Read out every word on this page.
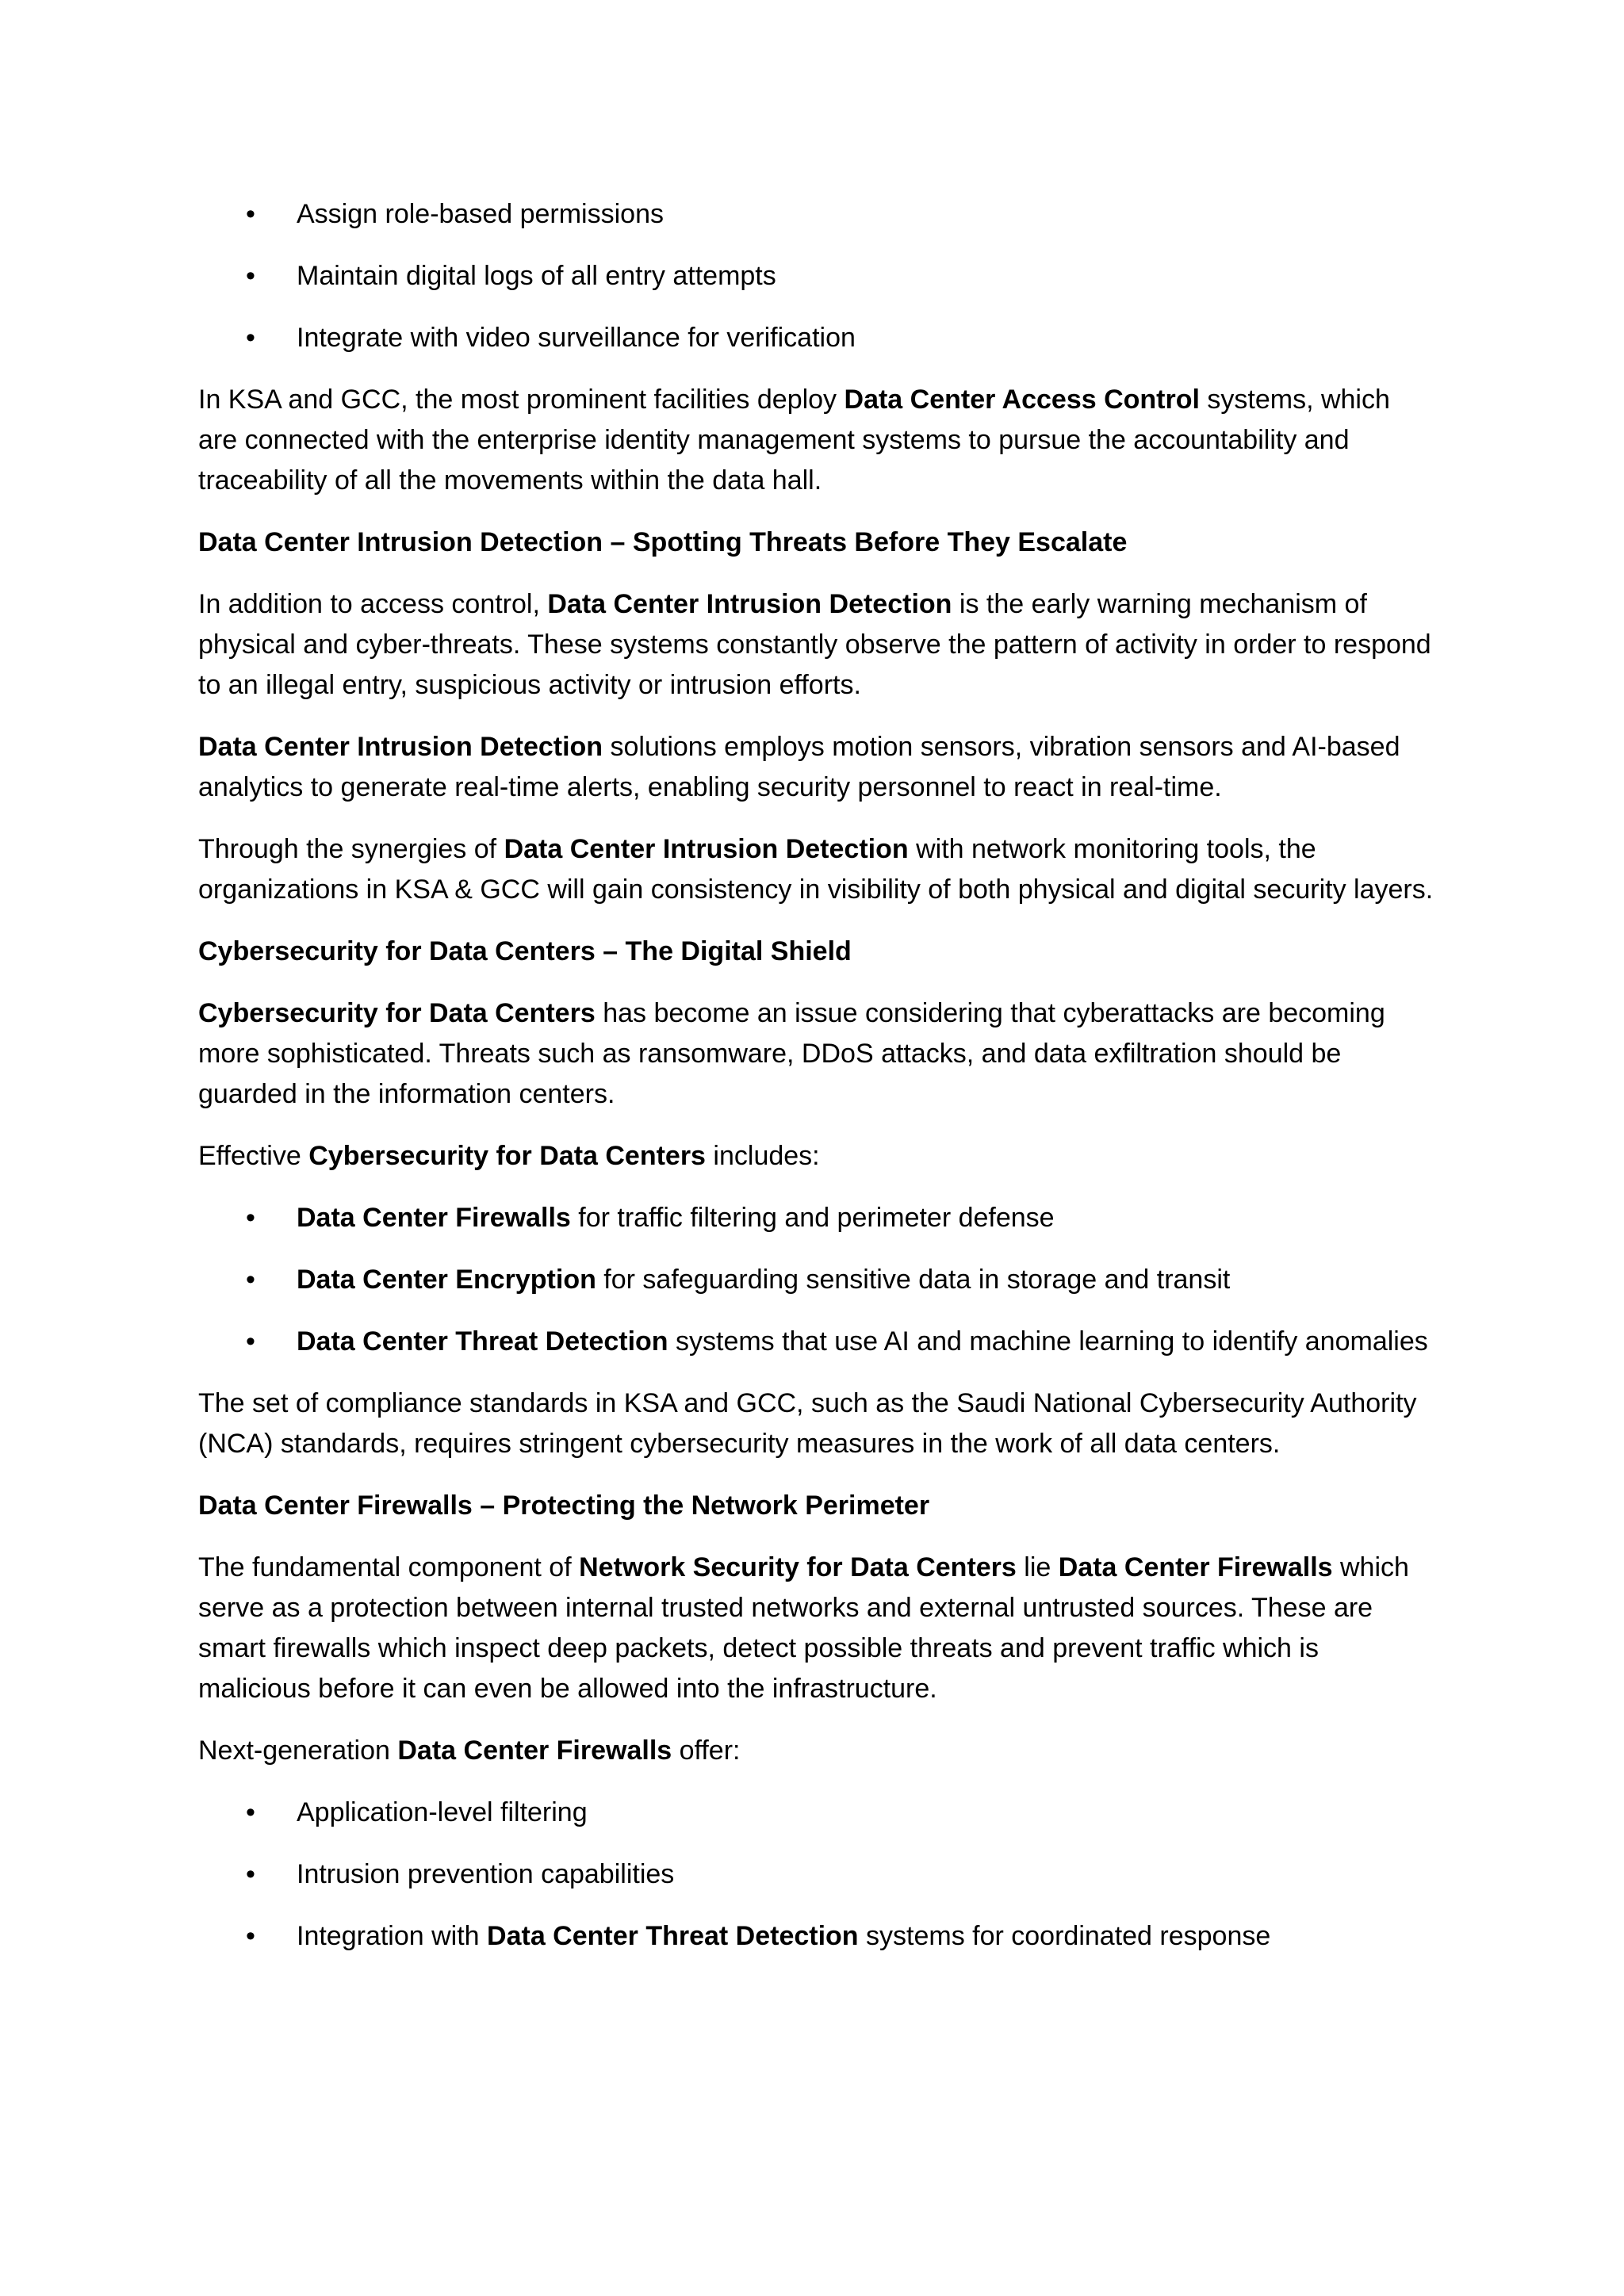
•	Assign role-based permissions
•	Maintain digital logs of all entry attempts
•	Integrate with video surveillance for verification

In KSA and GCC, the most prominent facilities deploy Data Center Access Control systems, which are connected with the enterprise identity management systems to pursue the accountability and traceability of all the movements within the data hall.

Data Center Intrusion Detection – Spotting Threats Before They Escalate

In addition to access control, Data Center Intrusion Detection is the early warning mechanism of physical and cyber-threats. These systems constantly observe the pattern of activity in order to respond to an illegal entry, suspicious activity or intrusion efforts.

Data Center Intrusion Detection solutions employs motion sensors, vibration sensors and AI-based analytics to generate real-time alerts, enabling security personnel to react in real-time.

Through the synergies of Data Center Intrusion Detection with network monitoring tools, the organizations in KSA & GCC will gain consistency in visibility of both physical and digital security layers.

Cybersecurity for Data Centers – The Digital Shield

Cybersecurity for Data Centers has become an issue considering that cyberattacks are becoming more sophisticated. Threats such as ransomware, DDoS attacks, and data exfiltration should be guarded in the information centers.

Effective Cybersecurity for Data Centers includes:

•	Data Center Firewalls for traffic filtering and perimeter defense
•	Data Center Encryption for safeguarding sensitive data in storage and transit
•	Data Center Threat Detection systems that use AI and machine learning to identify anomalies

The set of compliance standards in KSA and GCC, such as the Saudi National Cybersecurity Authority (NCA) standards, requires stringent cybersecurity measures in the work of all data centers.

Data Center Firewalls – Protecting the Network Perimeter

The fundamental component of Network Security for Data Centers lie Data Center Firewalls which serve as a protection between internal trusted networks and external untrusted sources. These are smart firewalls which inspect deep packets, detect possible threats and prevent traffic which is malicious before it can even be allowed into the infrastructure.

Next-generation Data Center Firewalls offer:

•	Application-level filtering
•	Intrusion prevention capabilities
•	Integration with Data Center Threat Detection systems for coordinated response
